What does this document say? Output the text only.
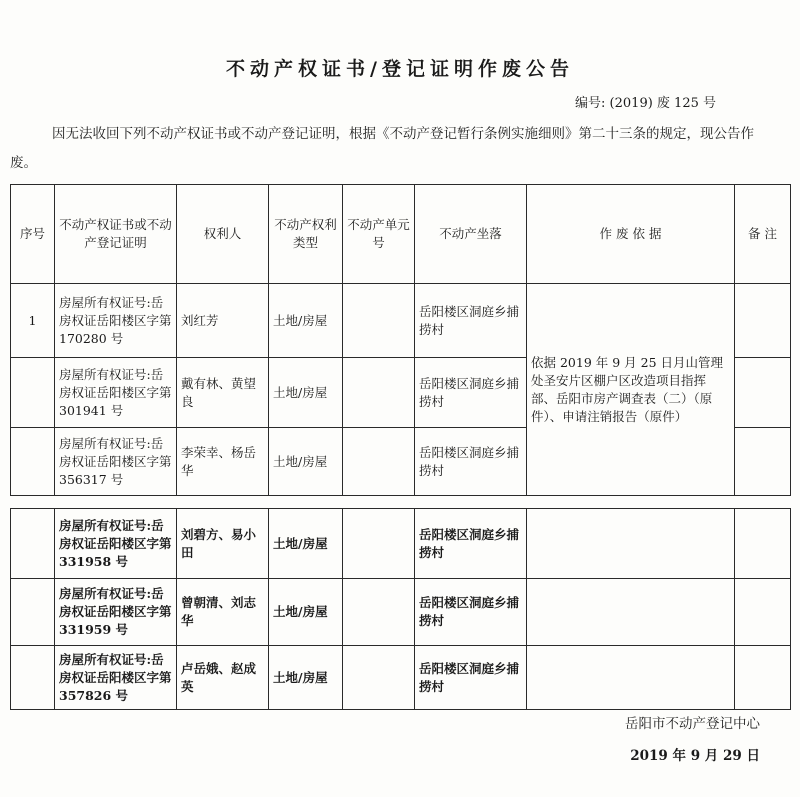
不动产权证书/登记证明作废公告
编号: (2019) 废 125 号
因无法收回下列不动产权证书或不动产登记证明，根据《不动产登记暂行条例实施细则》第二十三条的规定，现公告作废。
序号	不动产权证书或不动产登记证明	权利人	不动产权利类型	不动产单元号	不动产坐落	作 废 依 据	备 注
1	房屋所有权证号:岳房权证岳阳楼区字第 170280 号	刘红芳	土地/房屋		岳阳楼区洞庭乡捕捞村	依据 2019 年 9 月 25 日月山管理处圣安片区棚户区改造项目指挥部、岳阳市房产调查表（二）（原件）、申请注销报告（原件）	
	房屋所有权证号:岳房权证岳阳楼区字第 301941 号	戴有林、黄望良	土地/房屋		岳阳楼区洞庭乡捕捞村		
	房屋所有权证号:岳房权证岳阳楼区字第 356317 号	李荣幸、杨岳华	土地/房屋		岳阳楼区洞庭乡捕捞村		
	房屋所有权证号:岳房权证岳阳楼区字第 331958 号	刘碧方、易小田	土地/房屋		岳阳楼区洞庭乡捕捞村		
	房屋所有权证号:岳房权证岳阳楼区字第 331959 号	曾朝清、刘志华	土地/房屋		岳阳楼区洞庭乡捕捞村		
	房屋所有权证号:岳房权证岳阳楼区字第 357826 号	卢岳娥、赵成英	土地/房屋		岳阳楼区洞庭乡捕捞村		
岳阳市不动产登记中心
2019 年 9 月 29 日
